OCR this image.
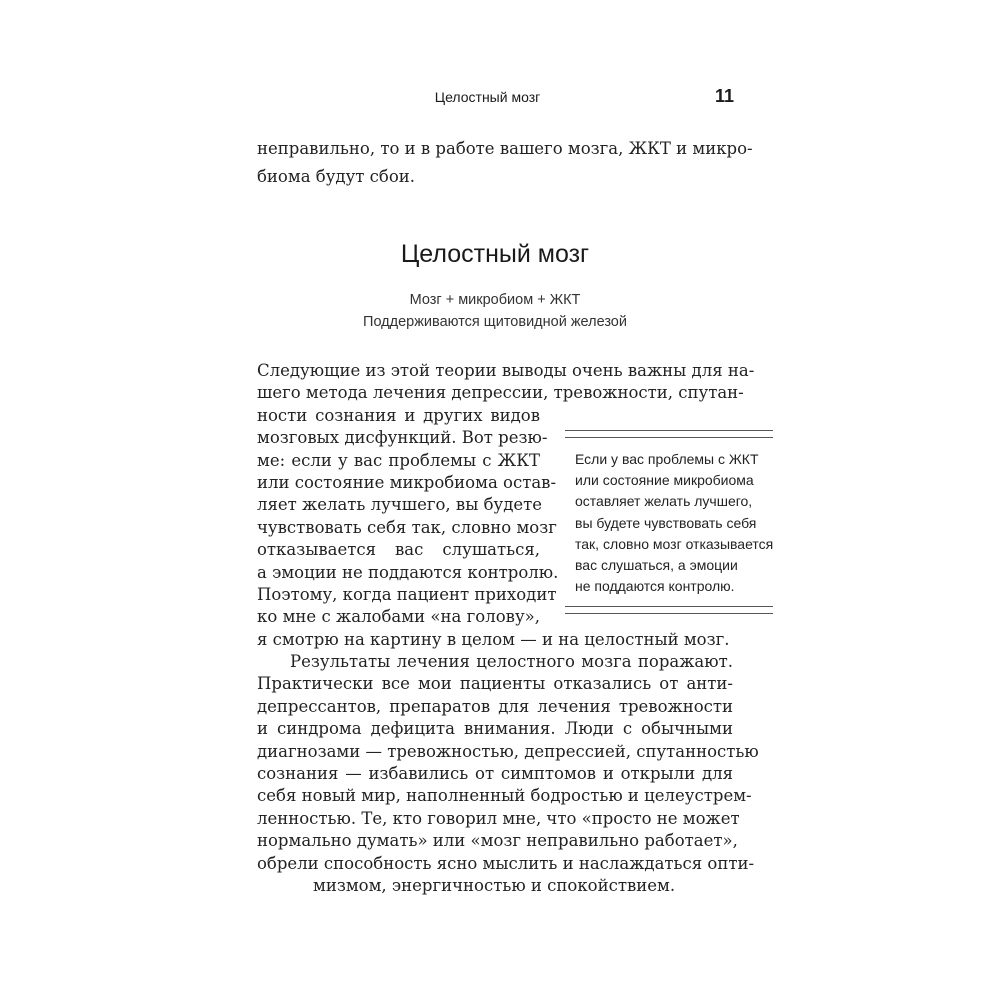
Целостный мозг	11
неправильно, то и в работе вашего мозга, ЖКТ и микро-
биома будут сбои.
Целостный мозг
Мозг + микробиом + ЖКТ
Поддерживаются щитовидной железой
Следующие из этой теории выводы очень важны для на-
шего метода лечения депрессии, тревожности, спутан-
ности сознания и других видов
мозговых дисфункций. Вот резю-
ме: если у вас проблемы с ЖКТ
или состояние микробиома остав-
ляет желать лучшего, вы будете
чувствовать себя так, словно мозг
отказывается вас слушаться,
а эмоции не поддаются контролю.
Поэтому, когда пациент приходит
ко мне с жалобами «на голову»,
я смотрю на картину в целом — и на целостный мозг.
Результаты лечения целостного мозга поражают.
Практически все мои пациенты отказались от анти-
депрессантов, препаратов для лечения тревожности
и синдрома дефицита внимания. Люди с обычными
диагнозами — тревожностью, депрессией, спутанностью
сознания — избавились от симптомов и открыли для
себя новый мир, наполненный бодростью и целеустрем-
ленностью. Те, кто говорил мне, что «просто не может
нормально думать» или «мозг неправильно работает»,
обрели способность ясно мыслить и наслаждаться опти-
мизмом, энергичностью и спокойствием.
Если у вас проблемы с ЖКТ
или состояние микробиома
оставляет желать лучшего,
вы будете чувствовать себя
так, словно мозг отказывается
вас слушаться, а эмоции
не поддаются контролю.
